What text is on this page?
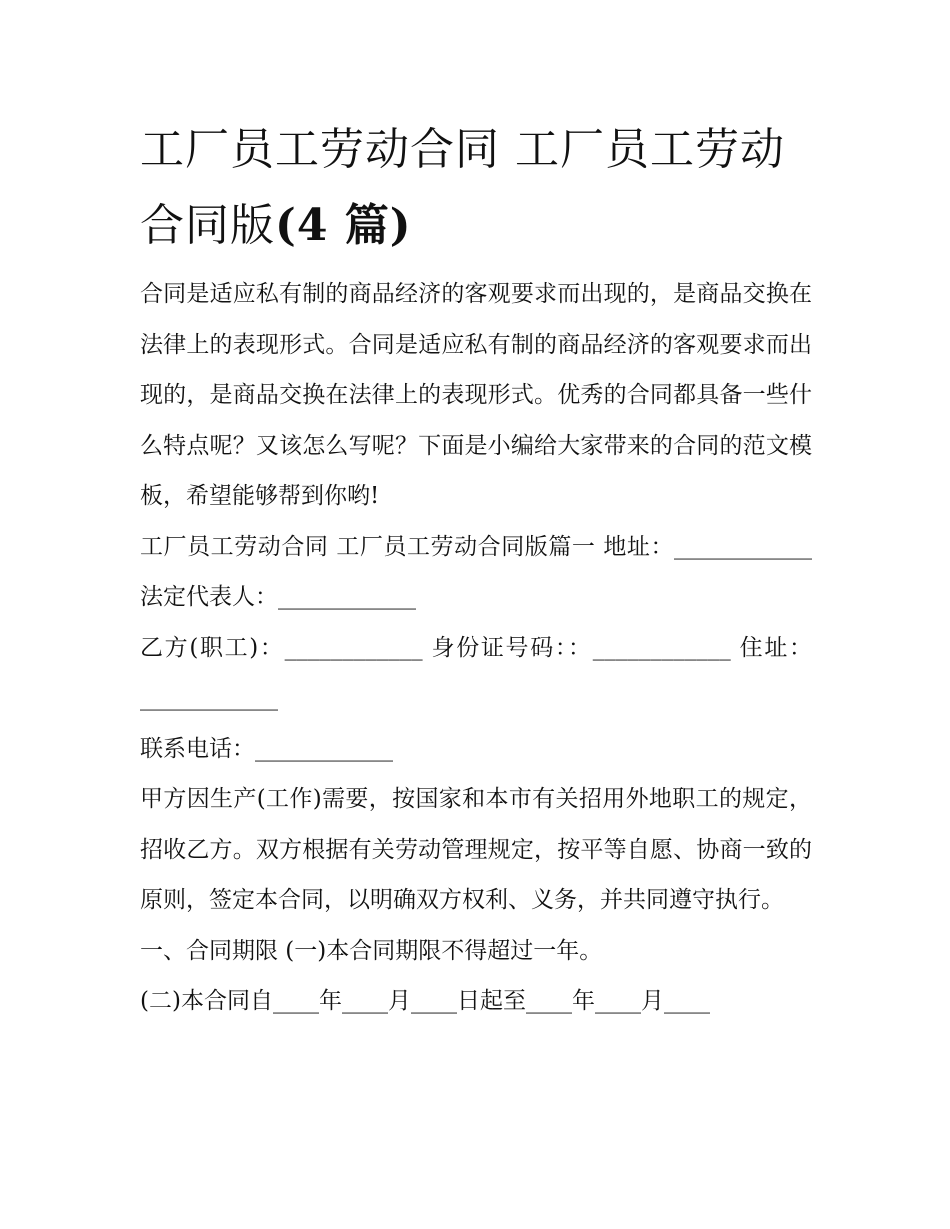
工厂员工劳动合同 工厂员工劳动合同版(4 篇)

合同是适应私有制的商品经济的客观要求而出现的，是商品交换在法律上的表现形式。合同是适应私有制的商品经济的客观要求而出现的，是商品交换在法律上的表现形式。优秀的合同都具备一些什么特点呢？又该怎么写呢？下面是小编给大家带来的合同的范文模板，希望能够帮到你哟!

工厂员工劳动合同 工厂员工劳动合同版篇一 地址：____________ 法定代表人：____________

乙方(职工)：____________ 身份证号码：：____________ 住址：____________

联系电话：____________

甲方因生产(工作)需要，按国家和本市有关招用外地职工的规定，招收乙方。双方根据有关劳动管理规定，按平等自愿、协商一致的原则，签定本合同，以明确双方权利、义务，并共同遵守执行。

一、合同期限 (一)本合同期限不得超过一年。

(二)本合同自____年____月____日起至____年____月____
